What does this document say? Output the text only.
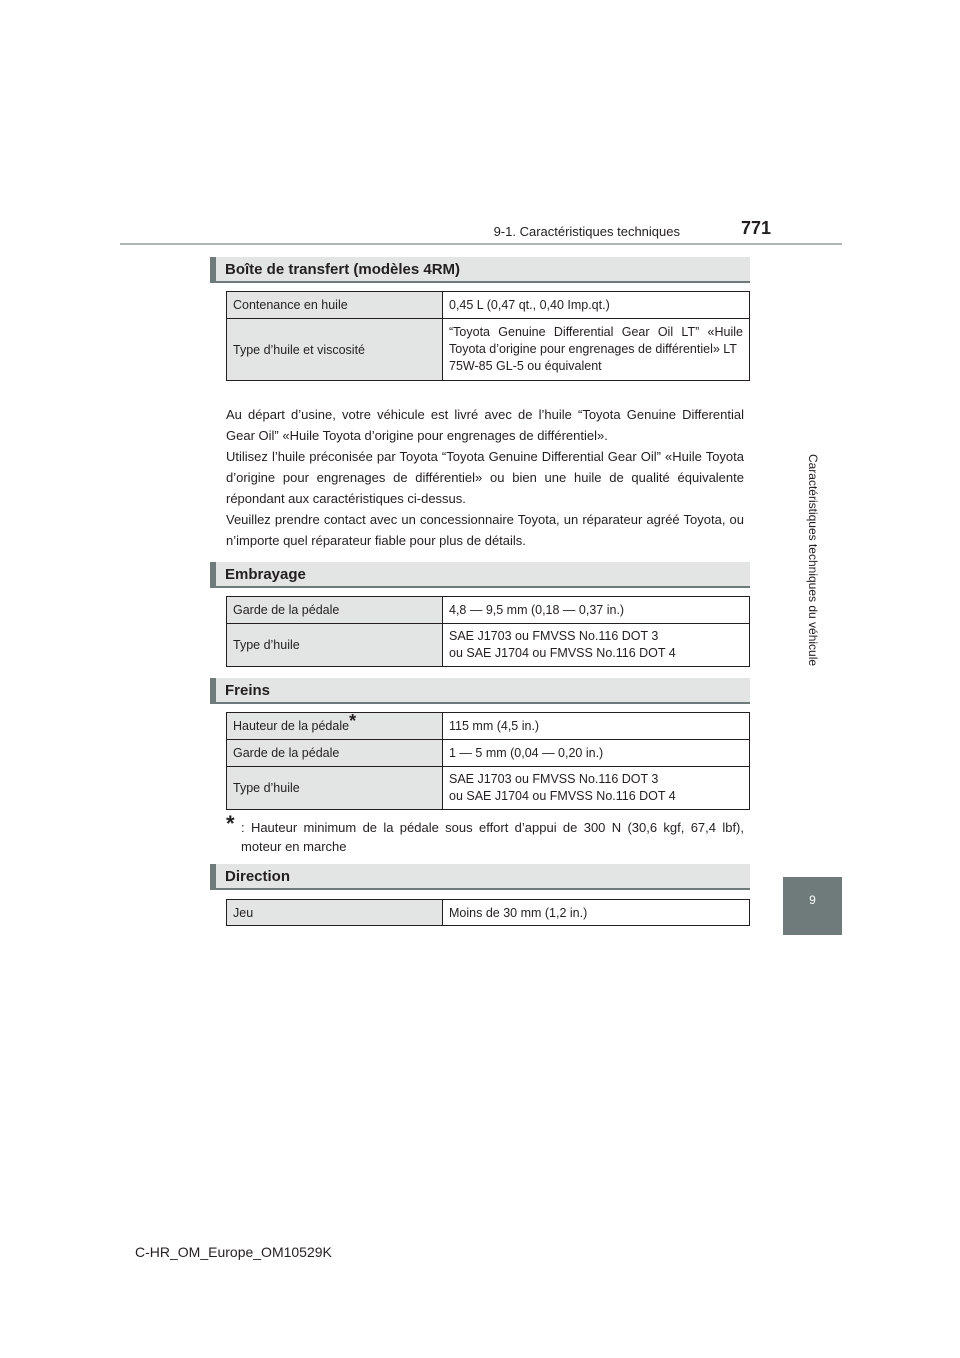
9-1. Caractéristiques techniques	771
Caractéristiques techniques du véhicule
9
Boîte de transfert (modèles 4RM)
Contenance en huile	0,45 L (0,47 qt., 0,40 Imp.qt.)

Type d’huile et viscosité	“Toyota Genuine Differential Gear Oil LT” «Huile Toyota d’origine pour engrenages de différentiel» LT
75W-85 GL-5 ou équivalent

Au départ d’usine, votre véhicule est livré avec de l’huile “Toyota Genuine Differential Gear Oil” «Huile Toyota d’origine pour engrenages de différentiel».

Utilisez l’huile préconisée par Toyota “Toyota Genuine Differential Gear Oil” «Huile Toyota d’origine pour engrenages de différentiel» ou bien une huile de qualité équivalente répondant aux caractéristiques ci-dessus.

Veuillez prendre contact avec un concessionnaire Toyota, un réparateur agréé Toyota, ou n’importe quel réparateur fiable pour plus de détails.

Embrayage
Garde de la pédale	4,8 — 9,5 mm (0,18 — 0,37 in.)

Type d’huile	SAE J1703 ou FMVSS No.116 DOT 3
ou SAE J1704 ou FMVSS No.116 DOT 4
Freins
Hauteur de la pédale*	115 mm (4,5 in.)

Garde de la pédale	1 — 5 mm (0,04 — 0,20 in.)

Type d’huile	SAE J1703 ou FMVSS No.116 DOT 3
ou SAE J1704 ou FMVSS No.116 DOT 4
* : Hauteur minimum de la pédale sous effort d’appui de 300 N (30,6 kgf, 67,4 lbf), moteur en marche
Direction
Jeu	Moins de 30 mm (1,2 in.)
C-HR_OM_Europe_OM10529K
